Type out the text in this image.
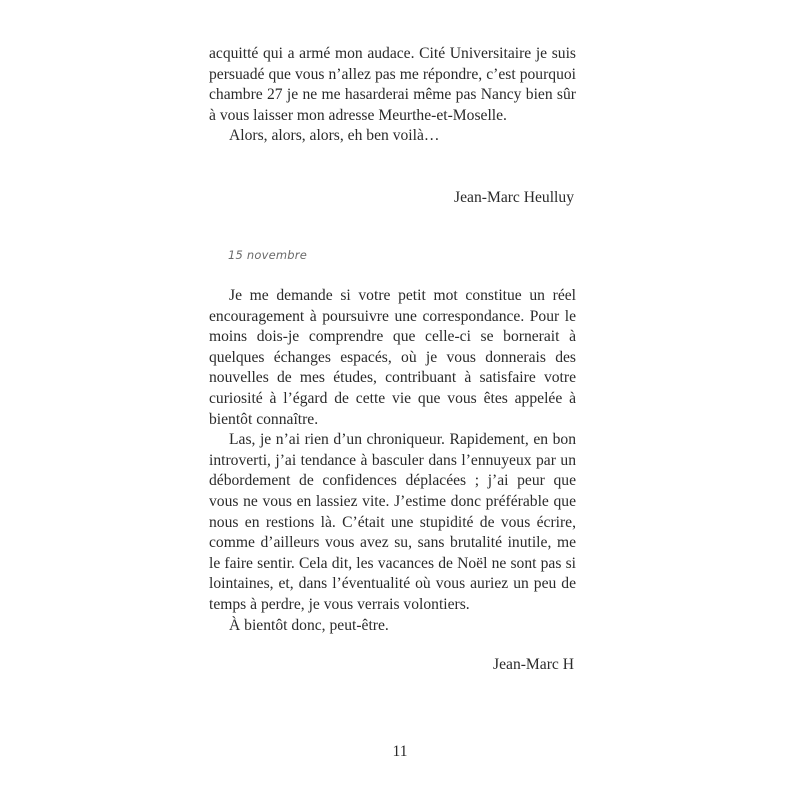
acquitté qui a armé mon audace. Cité Universitaire je suis persuadé que vous n’allez pas me répondre, c’est pourquoi chambre 27 je ne me hasarderai même pas Nancy bien sûr à vous laisser mon adresse Meurthe-et-Moselle.

Alors, alors, alors, eh ben voilà…

Jean-Marc Heulluy
15 novembre

Je me demande si votre petit mot constitue un réel encouragement à poursuivre une correspondance. Pour le moins dois-je comprendre que celle-ci se bornerait à quelques échanges espacés, où je vous donnerais des nouvelles de mes études, contribuant à satisfaire votre curiosité à l’égard de cette vie que vous êtes appelée à bientôt connaître.

Las, je n’ai rien d’un chroniqueur. Rapidement, en bon introverti, j’ai tendance à basculer dans l’ennuyeux par un débordement de confidences déplacées ; j’ai peur que vous ne vous en lassiez vite. J’estime donc préférable que nous en restions là. C’était une stupidité de vous écrire, comme d’ailleurs vous avez su, sans brutalité inutile, me le faire sentir. Cela dit, les vacances de Noël ne sont pas si lointaines, et, dans l’éventualité où vous auriez un peu de temps à perdre, je vous verrais volontiers.

À bientôt donc, peut-être.

Jean-Marc H
11
